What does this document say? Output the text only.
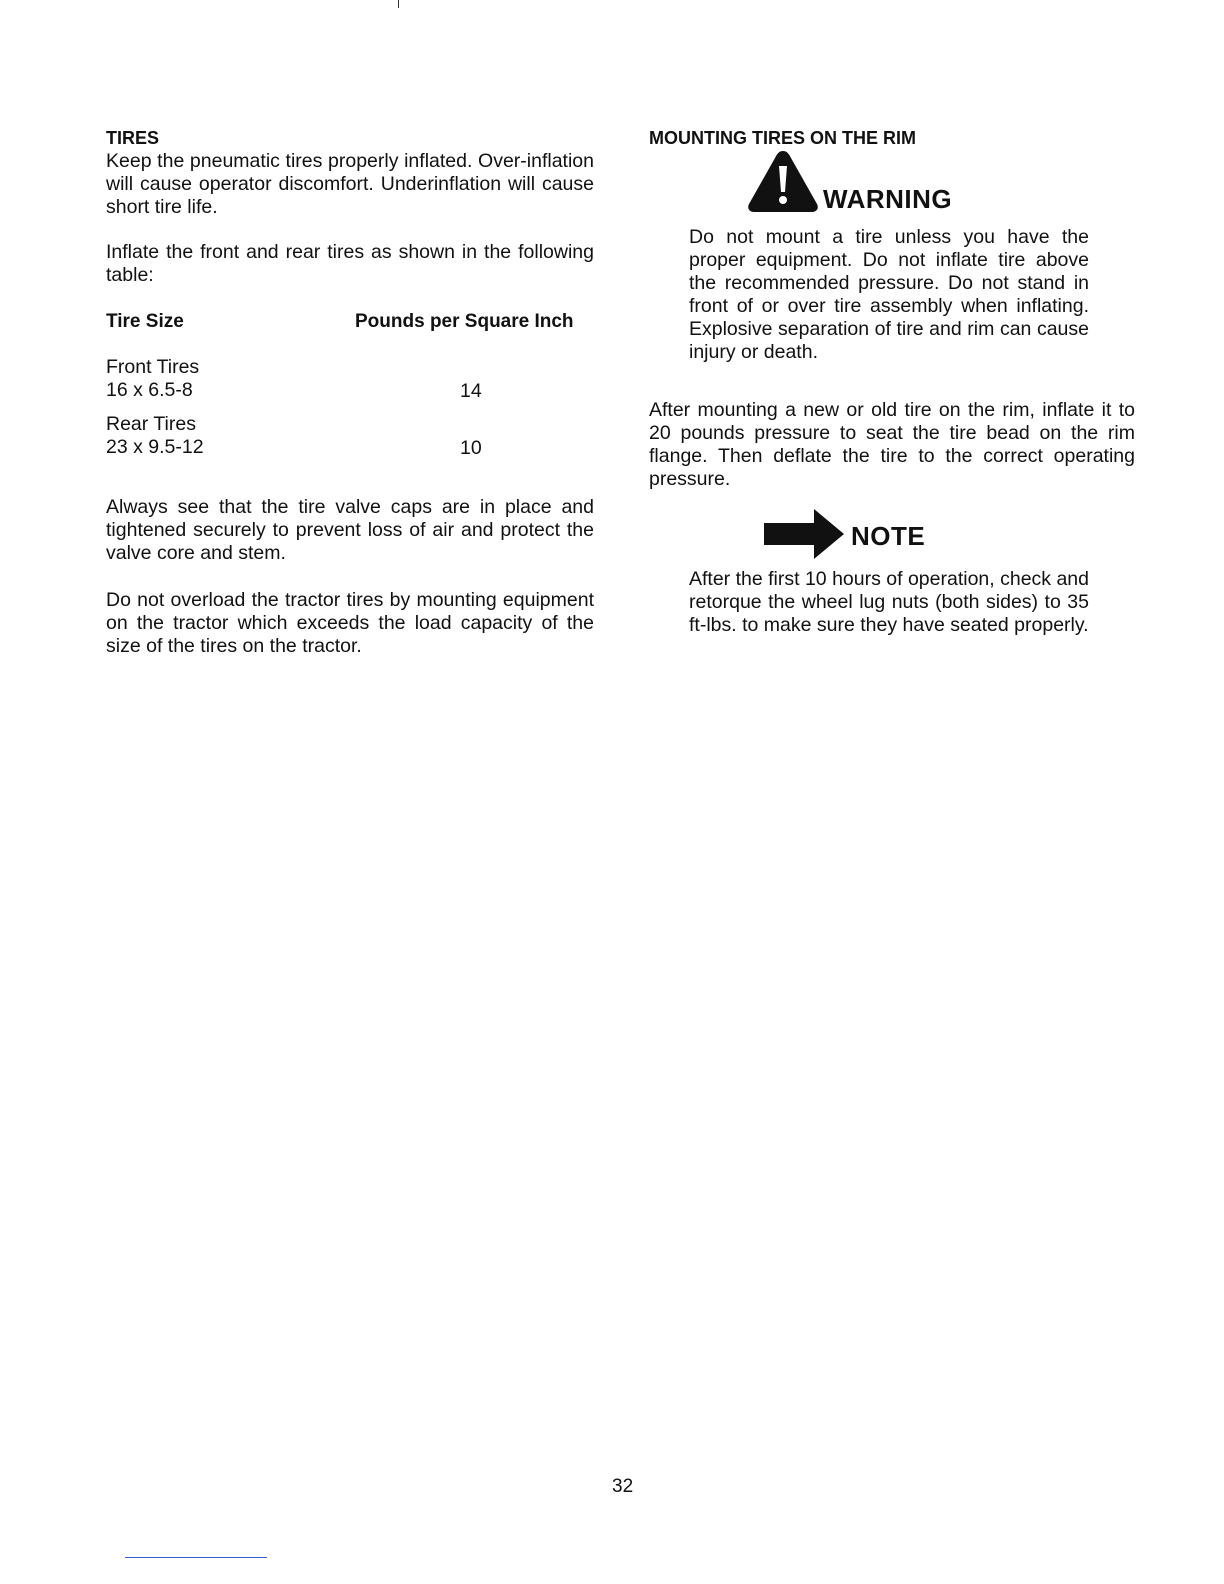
TIRES

Keep the pneumatic tires properly inflated. Over-inflation will cause operator discomfort. Underinflation will cause short tire life.

Inflate the front and rear tires as shown in the following table:

Tire Size	Pounds per Square Inch
Front Tires
16 x 6.5-8	14
Rear Tires
23 x 9.5-12	10

Always see that the tire valve caps are in place and tightened securely to prevent loss of air and protect the valve core and stem.

Do not overload the tractor tires by mounting equipment on the tractor which exceeds the load capacity of the size of the tires on the tractor.

MOUNTING TIRES ON THE RIM
WARNING

Do not mount a tire unless you have the proper equipment. Do not inflate tire above the recommended pressure. Do not stand in front of or over tire assembly when inflating. Explosive separation of tire and rim can cause injury or death.

After mounting a new or old tire on the rim, inflate it to 20 pounds pressure to seat the tire bead on the rim flange. Then deflate the tire to the correct operating pressure.

NOTE

After the first 10 hours of operation, check and retorque the wheel lug nuts (both sides) to 35 ft-lbs. to make sure they have seated properly.

32
